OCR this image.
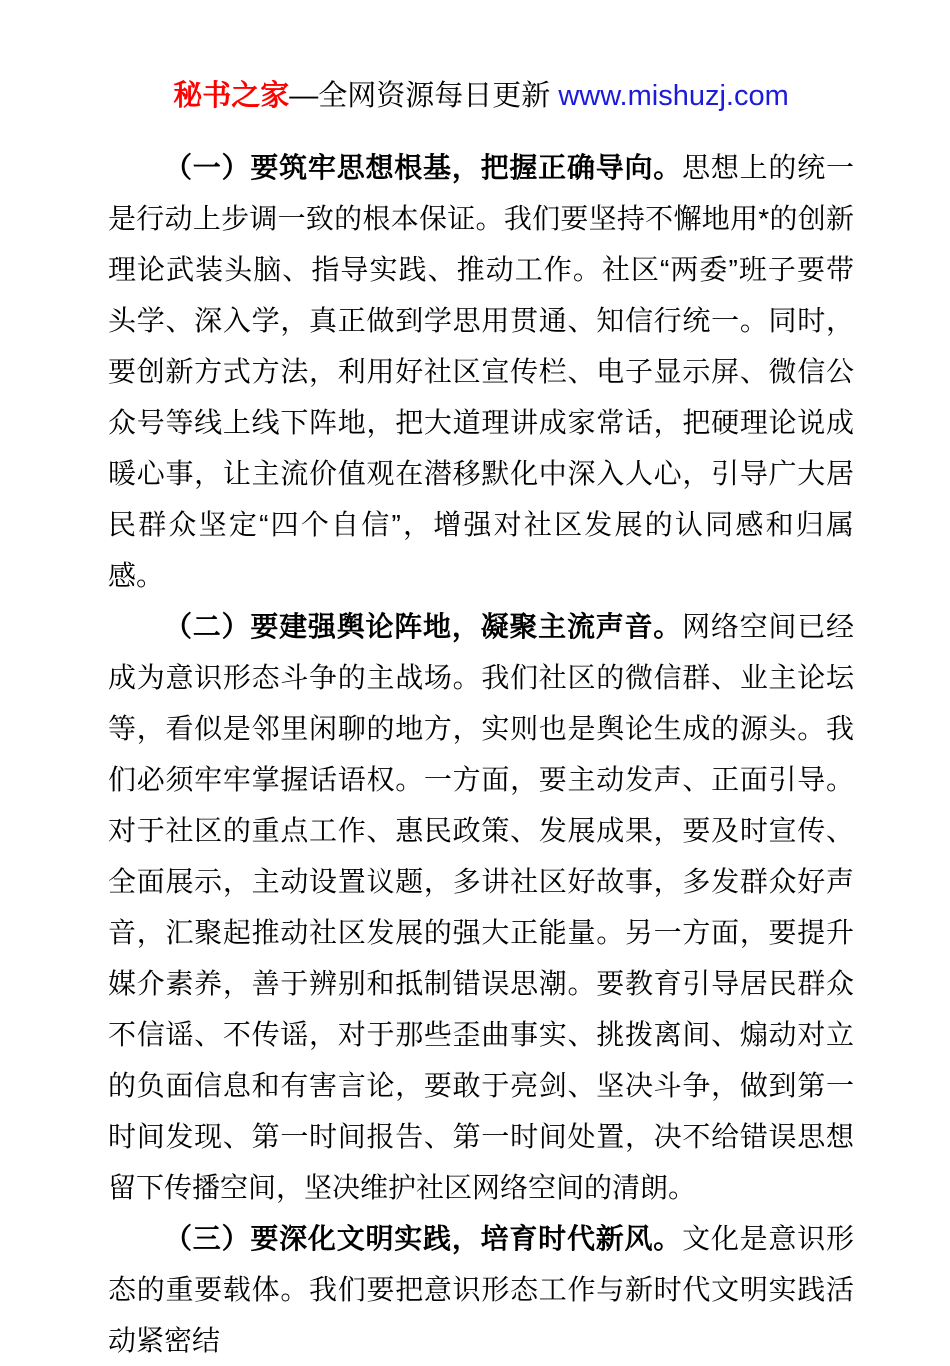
秘书之家—全网资源每日更新 www.mishuzj.com

（一）要筑牢思想根基，把握正确导向。思想上的统一是行动上步调一致的根本保证。我们要坚持不懈地用*的创新理论武装头脑、指导实践、推动工作。社区“两委”班子要带头学、深入学，真正做到学思用贯通、知信行统一。同时，要创新方式方法，利用好社区宣传栏、电子显示屏、微信公众号等线上线下阵地，把大道理讲成家常话，把硬理论说成暖心事，让主流价值观在潜移默化中深入人心，引导广大居民群众坚定“四个自信”，增强对社区发展的认同感和归属感。

（二）要建强舆论阵地，凝聚主流声音。网络空间已经成为意识形态斗争的主战场。我们社区的微信群、业主论坛等，看似是邻里闲聊的地方，实则也是舆论生成的源头。我们必须牢牢掌握话语权。一方面，要主动发声、正面引导。对于社区的重点工作、惠民政策、发展成果，要及时宣传、全面展示，主动设置议题，多讲社区好故事，多发群众好声音，汇聚起推动社区发展的强大正能量。另一方面，要提升媒介素养，善于辨别和抵制错误思潮。要教育引导居民群众不信谣、不传谣，对于那些歪曲事实、挑拨离间、煽动对立的负面信息和有害言论，要敢于亮剑、坚决斗争，做到第一时间发现、第一时间报告、第一时间处置，决不给错误思想留下传播空间，坚决维护社区网络空间的清朗。

（三）要深化文明实践，培育时代新风。文化是意识形态的重要载体。我们要把意识形态工作与新时代文明实践活动紧密结
